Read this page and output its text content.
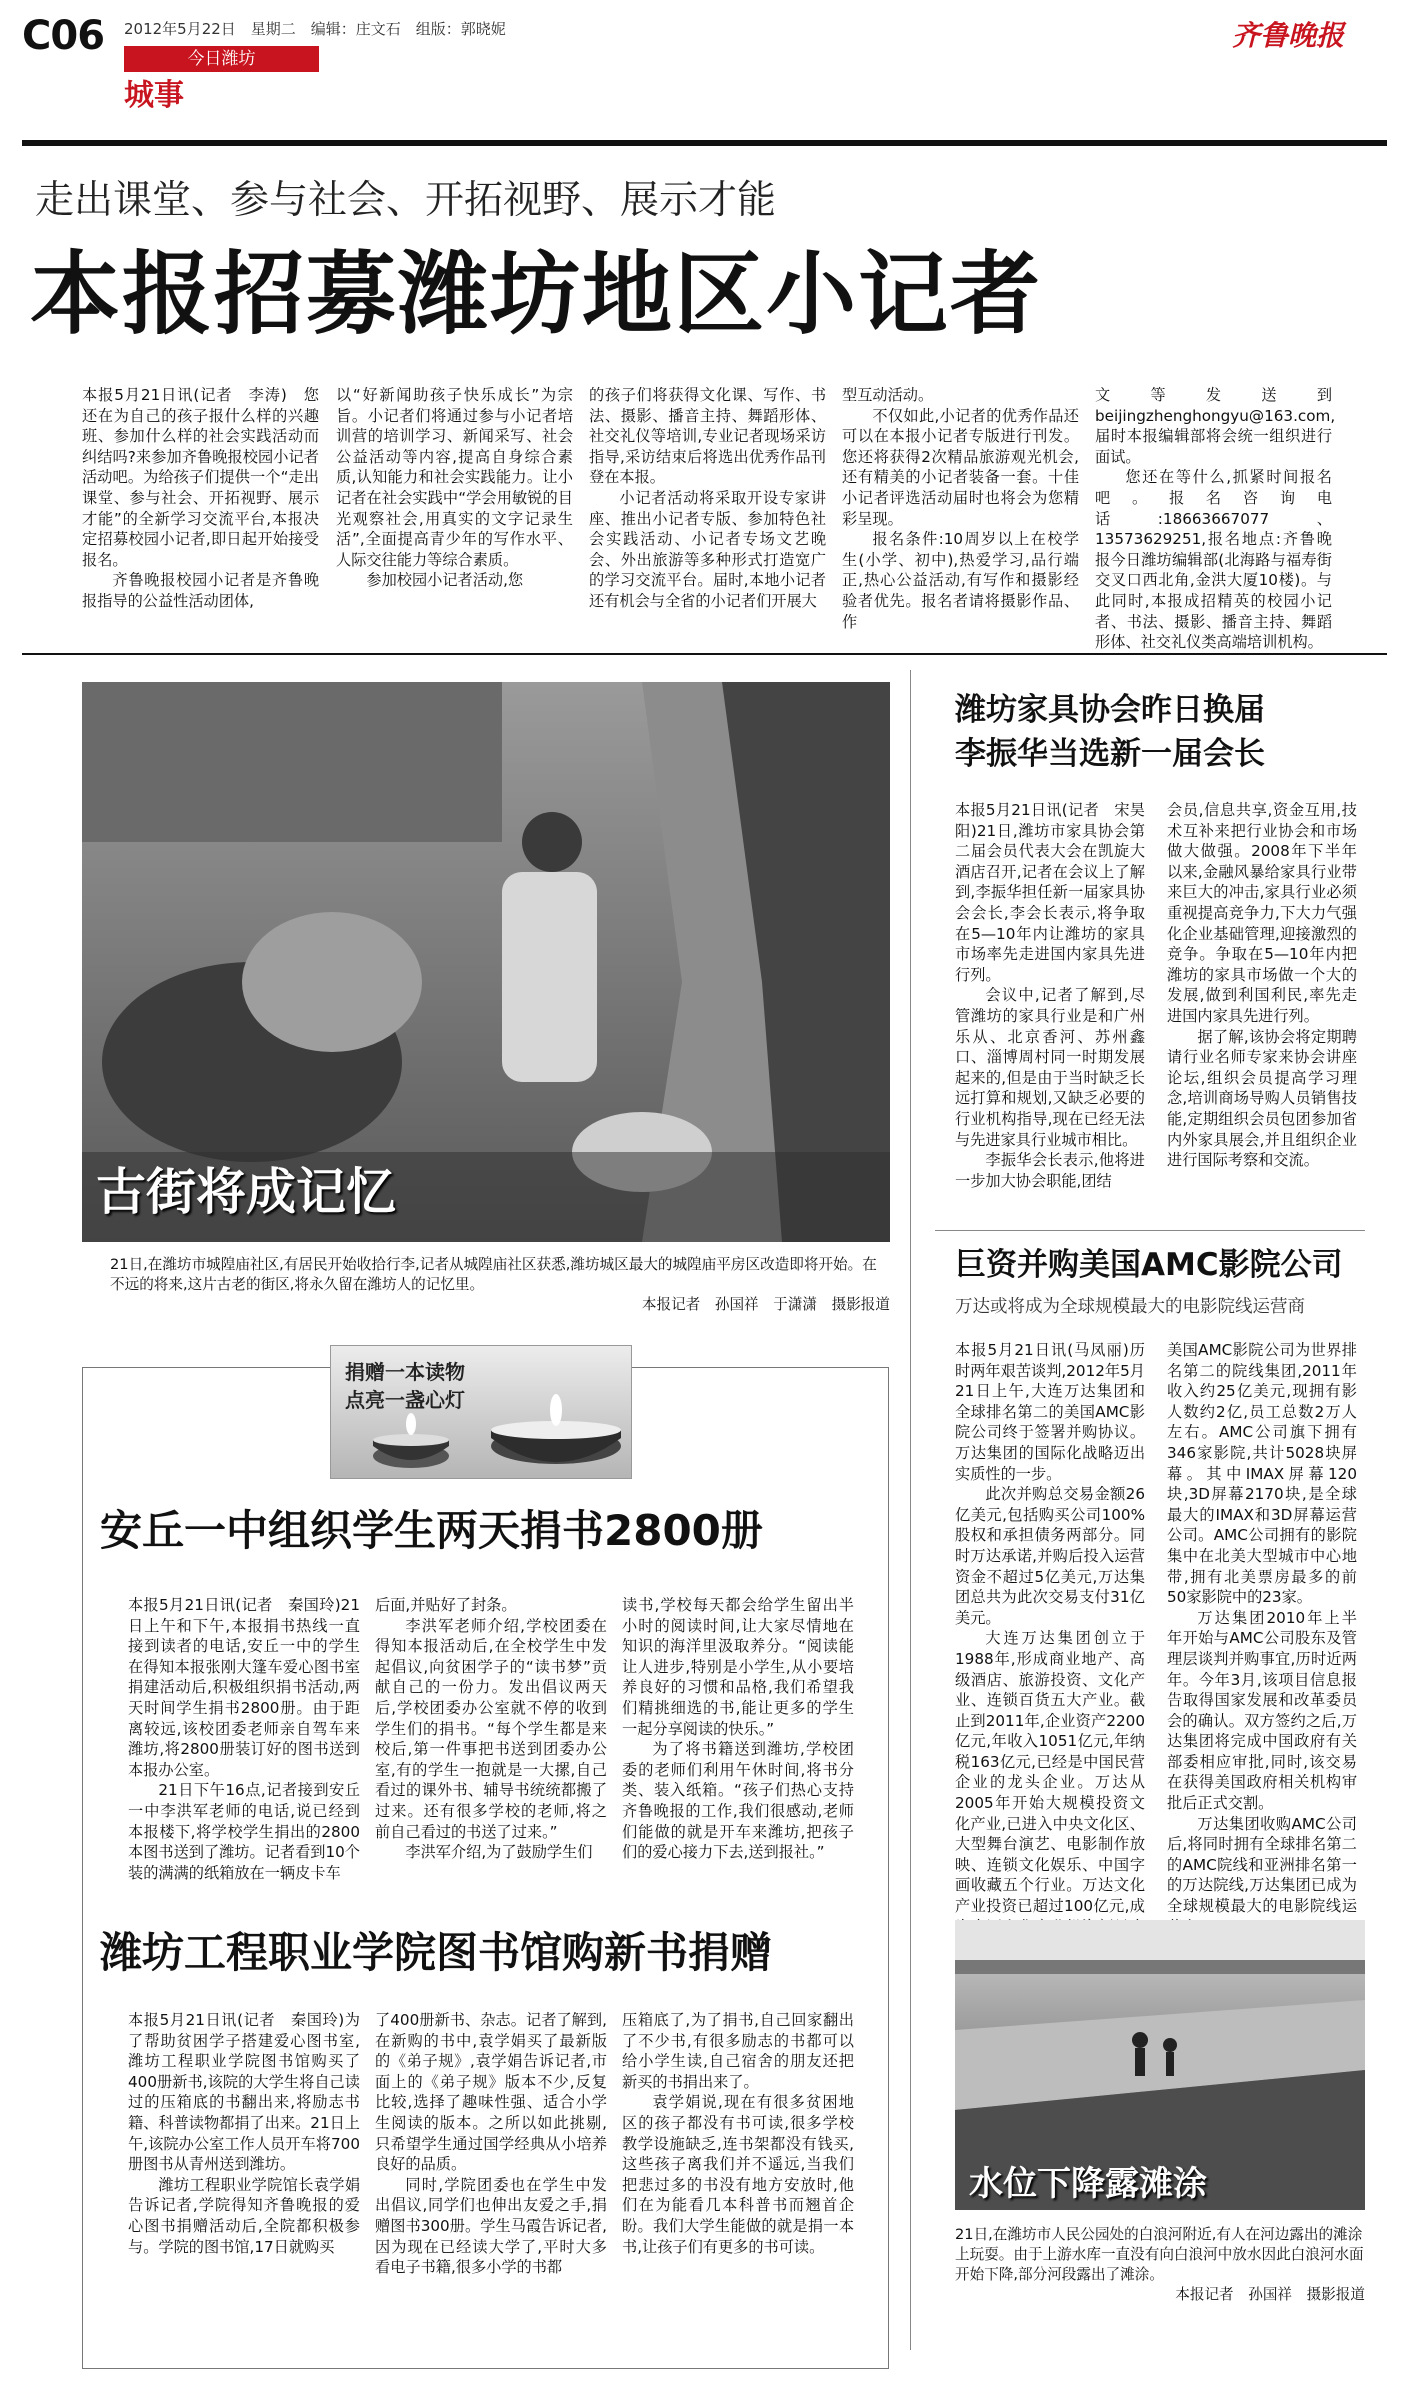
C06 2012年5月22日　星期二　编辑：庄文石　组版：郭晓妮
今日潍坊
城事
齐鲁晚报
走出课堂、参与社会、开拓视野、展示才能
本报招募潍坊地区小记者

本报5月21日讯(记者　李涛)　您还在为自己的孩子报什么样的兴趣班、参加什么样的社会实践活动而纠结吗?来参加齐鲁晚报校园小记者活动吧。为给孩子们提供一个“走出课堂、参与社会、开拓视野、展示才能”的全新学习交流平台,本报决定招募校园小记者,即日起开始接受报名。

齐鲁晚报校园小记者是齐鲁晚报指导的公益性活动团体,

以“好新闻助孩子快乐成长”为宗旨。小记者们将通过参与小记者培训营的培训学习、新闻采写、社会公益活动等内容,提高自身综合素质,认知能力和社会实践能力。让小记者在社会实践中“学会用敏锐的目光观察社会,用真实的文字记录生活”,全面提高青少年的写作水平、人际交往能力等综合素质。

参加校园小记者活动,您

的孩子们将获得文化课、写作、书法、摄影、播音主持、舞蹈形体、社交礼仪等培训,专业记者现场采访指导,采访结束后将选出优秀作品刊登在本报。

小记者活动将采取开设专家讲座、推出小记者专版、参加特色社会实践活动、小记者专场文艺晚会、外出旅游等多种形式打造宽广的学习交流平台。届时,本地小记者还有机会与全省的小记者们开展大

型互动活动。

不仅如此,小记者的优秀作品还可以在本报小记者专版进行刊发。您还将获得2次精品旅游观光机会,还有精美的小记者装备一套。十佳小记者评选活动届时也将会为您精彩呈现。

报名条件:10周岁以上在校学生(小学、初中),热爱学习,品行端正,热心公益活动,有写作和摄影经验者优先。报名者请将摄影作品、作

文等发送到beijingzhenghongyu@163.com,届时本报编辑部将会统一组织进行面试。

您还在等什么,抓紧时间报名吧。报名咨询电话:18663667077、13573629251,报名地点:齐鲁晚报今日潍坊编辑部(北海路与福寿街交叉口西北角,金洪大厦10楼)。与此同时,本报成招精英的校园小记者、书法、摄影、播音主持、舞蹈形体、社交礼仪类高端培训机构。

古街将成记忆
21日,在潍坊市城隍庙社区,有居民开始收拾行李,记者从城隍庙社区获悉,潍坊城区最大的城隍庙平房区改造即将开始。在不远的将来,这片古老的街区,将永久留在潍坊人的记忆里。
本报记者　孙国祥　于潇潇　摄影报道
潍坊家具协会昨日换届
李振华当选新一届会长

本报5月21日讯(记者　宋昊阳)21日,潍坊市家具协会第二届会员代表大会在凯旋大酒店召开,记者在会议上了解到,李振华担任新一届家具协会会长,李会长表示,将争取在5—10年内让潍坊的家具市场率先走进国内家具先进行列。

会议中,记者了解到,尽管潍坊的家具行业是和广州乐从、北京香河、苏州鑫口、淄博周村同一时期发展起来的,但是由于当时缺乏长远打算和规划,又缺乏必要的行业机构指导,现在已经无法与先进家具行业城市相比。

李振华会长表示,他将进一步加大协会职能,团结

会员,信息共享,资金互用,技术互补来把行业协会和市场做大做强。2008年下半年以来,金融风暴给家具行业带来巨大的冲击,家具行业必须重视提高竞争力,下大力气强化企业基础管理,迎接激烈的竞争。争取在5—10年内把潍坊的家具市场做一个大的发展,做到利国利民,率先走进国内家具先进行列。

据了解,该协会将定期聘请行业名师专家来协会讲座论坛,组织会员提高学习理念,培训商场导购人员销售技能,定期组织会员包团参加省内外家具展会,并且组织企业进行国际考察和交流。

巨资并购美国AMC影院公司
万达或将成为全球规模最大的电影院线运营商

本报5月21日讯(马凤丽)历时两年艰苦谈判,2012年5月21日上午,大连万达集团和全球排名第二的美国AMC影院公司终于签署并购协议。万达集团的国际化战略迈出实质性的一步。

此次并购总交易金额26亿美元,包括购买公司100%股权和承担债务两部分。同时万达承诺,并购后投入运营资金不超过5亿美元,万达集团总共为此次交易支付31亿美元。

大连万达集团创立于1988年,形成商业地产、高级酒店、旅游投资、文化产业、连锁百货五大产业。截止到2011年,企业资产2200亿元,年收入1051亿元,年纳税163亿元,已经是中国民营企业的龙头企业。万达从2005年开始大规模投资文化产业,已进入中央文化区、大型舞台演艺、电影制作放映、连锁文化娱乐、中国字画收藏五个行业。万达文化产业投资已超过100亿元,成

美国AMC影院公司为世界排名第二的院线集团,2011年收入约25亿美元,现拥有影人数约2亿,员工总数2万人左右。AMC公司旗下拥有346家影院,共计5028块屏幕。其中IMAX屏幕120块,3D屏幕2170块,是全球最大的IMAX和3D屏幕运营公司。AMC公司拥有的影院集中在北美大型城市中心地带,拥有北美票房最多的前50家影院中的23家。

万达集团2010年上半年开始与AMC公司股东及管理层谈判并购事宜,历时近两年。今年3月,该项目信息报告取得国家发展和改革委员会的确认。双方签约之后,万达集团将完成中国政府有关部委相应审批,同时,该交易在获得美国政府相关机构审批后正式交割。

万达集团收购AMC公司后,将同时拥有全球排名第二的AMC院线和亚洲排名第一的万达院线,万达集团已成为全球规模最大的电影院线运

水位下降露滩涂
21日,在潍坊市人民公园处的白浪河附近,有人在河边露出的滩涂上玩耍。由于上游水库一直没有向白浪河中放水因此白浪河水面开始下降,部分河段露出了滩涂。
本报记者　孙国祥　摄影报道
捐赠一本读物
点亮一盏心灯
安丘一中组织学生两天捐书2800册

本报5月21日讯(记者　秦国玲)21日上午和下午,本报捐书热线一直接到读者的电话,安丘一中的学生在得知本报张刚大篷车爱心图书室捐建活动后,积极组织捐书活动,两天时间学生捐书2800册。由于距离较远,该校团委老师亲自驾车来潍坊,将2800册装订好的图书送到本报办公室。

21日下午16点,记者接到安丘一中李洪军老师的电话,说已经到本报楼下,将学校学生捐出的2800本图书送到了潍坊。记者看到10个装的满满的纸箱放在一辆皮卡车

后面,并贴好了封条。

李洪军老师介绍,学校团委在得知本报活动后,在全校学生中发起倡议,向贫困学子的“读书梦”贡献自己的一份力。发出倡议两天后,学校团委办公室就不停的收到学生们的捐书。“每个学生都是来校后,第一件事把书送到团委办公室,有的学生一抱就是一大摞,自己看过的课外书、辅导书统统都搬了过来。还有很多学校的老师,将之前自己看过的书送了过来。”

李洪军介绍,为了鼓励学生们

读书,学校每天都会给学生留出半小时的阅读时间,让大家尽情地在知识的海洋里汲取养分。“阅读能让人进步,特别是小学生,从小要培养良好的习惯和品格,我们希望我们精挑细选的书,能让更多的学生一起分享阅读的快乐。”

为了将书籍送到潍坊,学校团委的老师们利用午休时间,将书分类、装入纸箱。“孩子们热心支持齐鲁晚报的工作,我们很感动,老师们能做的就是开车来潍坊,把孩子们的爱心接力下去,送到报社。”

潍坊工程职业学院图书馆购新书捐赠

本报5月21日讯(记者　秦国玲)为了帮助贫困学子搭建爱心图书室,潍坊工程职业学院图书馆购买了400册新书,该院的大学生将自己读过的压箱底的书翻出来,将励志书籍、科普读物都捐了出来。21日上午,该院办公室工作人员开车将700册图书从青州送到潍坊。

潍坊工程职业学院馆长袁学娟告诉记者,学院得知齐鲁晚报的爱心图书捐赠活动后,全院都积极参与。学院的图书馆,17日就购买

了400册新书、杂志。记者了解到,在新购的书中,袁学娟买了最新版的《弟子规》,袁学娟告诉记者,市面上的《弟子规》版本不少,反复比较,选择了趣味性强、适合小学生阅读的版本。之所以如此挑剔,只希望学生通过国学经典从小培养良好的品质。

同时,学院团委也在学生中发出倡议,同学们也伸出友爱之手,捐赠图书300册。学生马霞告诉记者,因为现在已经读大学了,平时大多看电子书籍,很多小学的书都

压箱底了,为了捐书,自己回家翻出了不少书,有很多励志的书都可以给小学生读,自己宿舍的朋友还把新买的书捐出来了。

袁学娟说,现在有很多贫困地区的孩子都没有书可读,很多学校教学设施缺乏,连书架都没有钱买,这些孩子离我们并不遥远,当我们把悲过多的书没有地方安放时,他们在为能看几本科普书而翘首企盼。我们大学生能做的就是捐一本书,让孩子们有更多的书可读。
